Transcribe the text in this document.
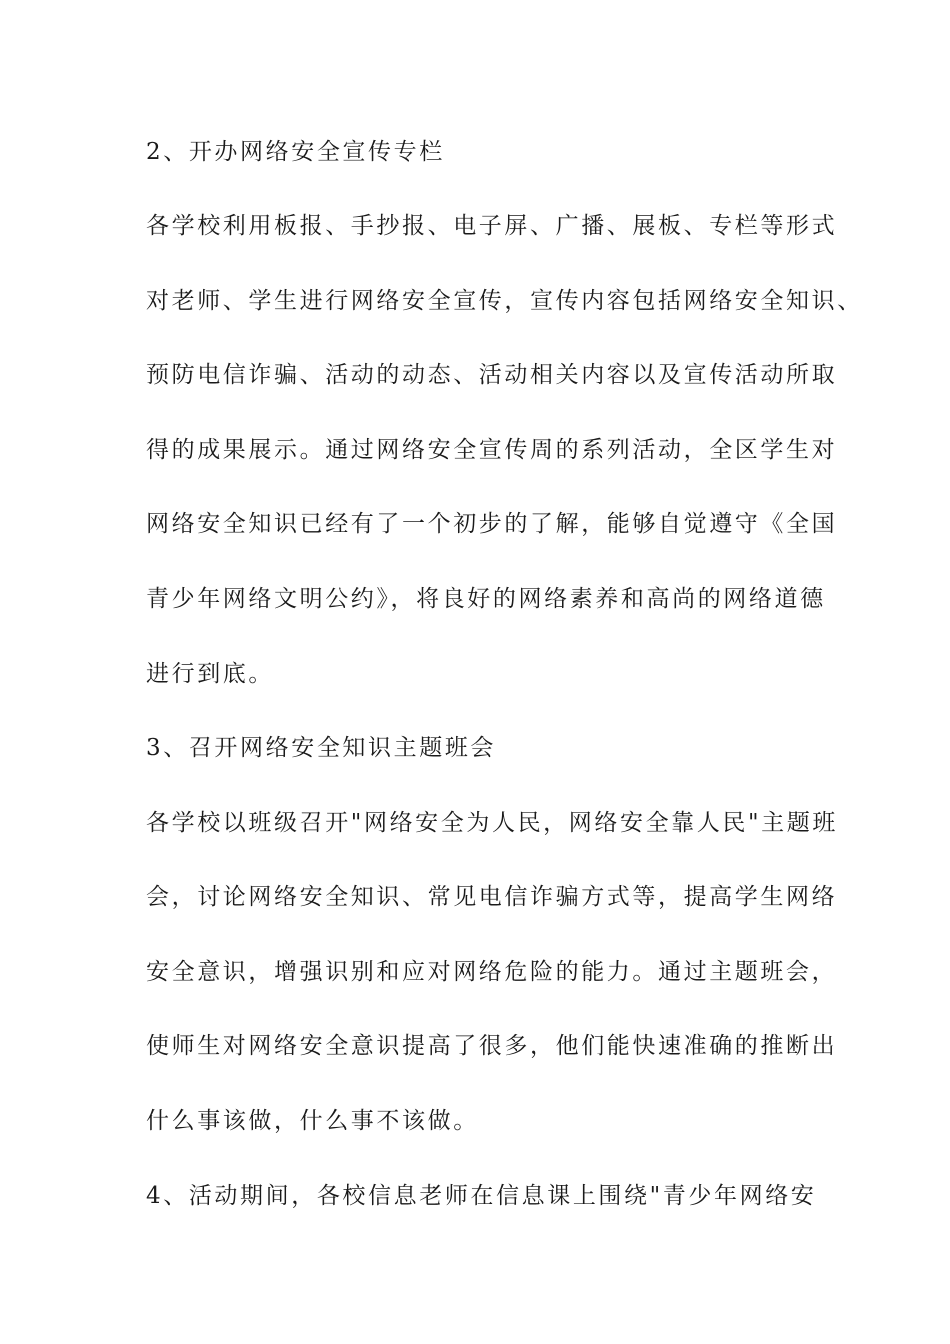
2、开办网络安全宣传专栏
各学校利用板报、手抄报、电子屏、广播、展板、专栏等形式
对老师、学生进行网络安全宣传，宣传内容包括网络安全知识、
预防电信诈骗、活动的动态、活动相关内容以及宣传活动所取
得的成果展示。通过网络安全宣传周的系列活动，全区学生对
网络安全知识已经有了一个初步的了解，能够自觉遵守《全国
青少年网络文明公约》，将良好的网络素养和高尚的网络道德
进行到底。
3、召开网络安全知识主题班会
各学校以班级召开"网络安全为人民，网络安全靠人民"主题班
会，讨论网络安全知识、常见电信诈骗方式等，提高学生网络
安全意识，增强识别和应对网络危险的能力。通过主题班会，
使师生对网络安全意识提高了很多，他们能快速准确的推断出
什么事该做，什么事不该做。
4、活动期间，各校信息老师在信息课上围绕"青少年网络安
